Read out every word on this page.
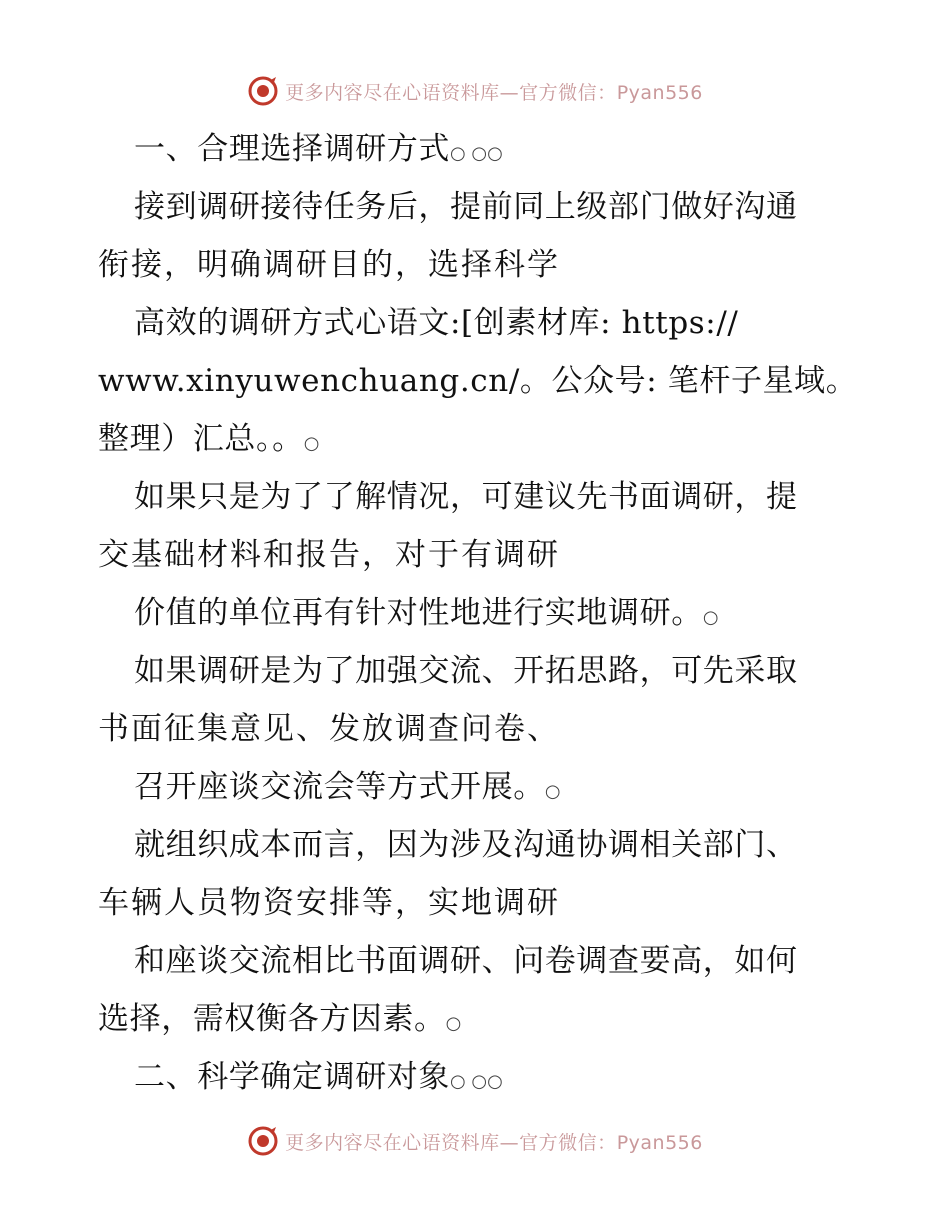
更多内容尽在心语资料库—官方微信：Pyan556
一、合理选择调研方式○ ○○
接到调研接待任务后，提前同上级部门做好沟通
衔接，明确调研目的，选择科学
高效的调研方式心语文:[创素材库: https://
www.xinyuwenchuang.cn/。公众号: 笔杆子星域。
整理）汇总。。○
如果只是为了了解情况，可建议先书面调研，提
交基础材料和报告，对于有调研
价值的单位再有针对性地进行实地调研。○
如果调研是为了加强交流、开拓思路，可先采取
书面征集意见、发放调查问卷、
召开座谈交流会等方式开展。○
就组织成本而言，因为涉及沟通协调相关部门、
车辆人员物资安排等，实地调研
和座谈交流相比书面调研、问卷调查要高，如何
选择，需权衡各方因素。○
二、科学确定调研对象○ ○○
更多内容尽在心语资料库—官方微信：Pyan556
